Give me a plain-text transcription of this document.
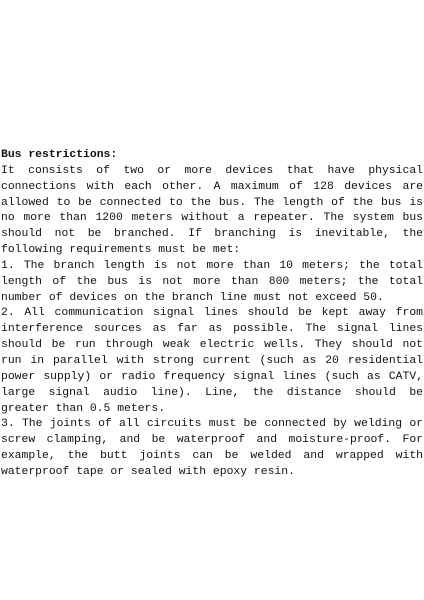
Bus restrictions:

It consists of two or more devices that have physical connections with each other. A maximum of 128 devices are allowed to be connected to the bus. The length of the bus is no more than 1200 meters without a repeater. The system bus should not be branched. If branching is inevitable, the following requirements must be met:

1. The branch length is not more than 10 meters; the total length of the bus is not more than 800 meters; the total number of devices on the branch line must not exceed 50.

2. All communication signal lines should be kept away from interference sources as far as possible. The signal lines should be run through weak electric wells. They should not run in parallel with strong current (such as 20 residential power supply) or radio frequency signal lines (such as CATV, large signal audio line). Line, the distance should be greater than 0.5 meters.

3. The joints of all circuits must be connected by welding or screw clamping, and be waterproof and moisture-proof. For example, the butt joints can be welded and wrapped with waterproof tape or sealed with epoxy resin.
